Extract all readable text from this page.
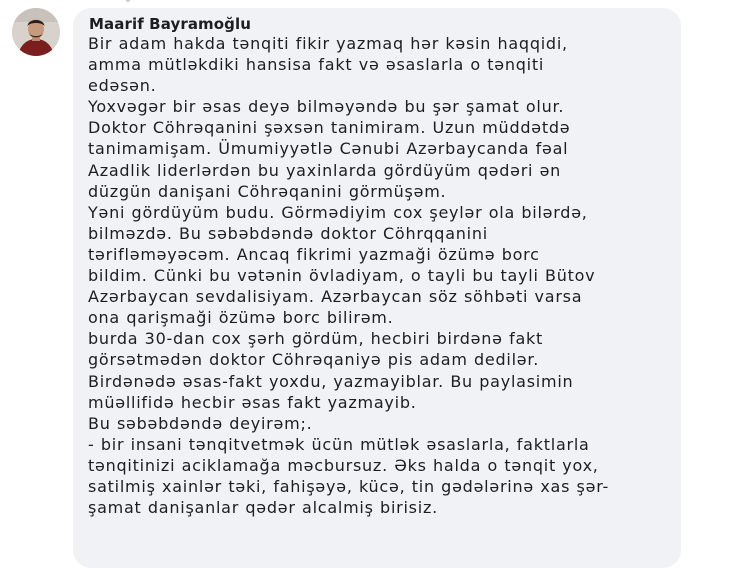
Maarif Bayramoğlu

Bir adam hakda tənqiti fikir yazmaq hər kəsin haqqidi,
amma mütləkdiki hansisa fakt və əsaslarla o tənqiti
edəsən.
Yoxvəgər bir əsas deyə bilməyəndə bu şər şamat olur.
Doktor Cöhrəqanini şəxsən tanimiram. Uzun müddətdə
tanimamişam. Ümumiyyətlə Cənubi Azərbaycanda fəal
Azadlik liderlərdən bu yaxinlarda gördüyüm qədəri ən
düzgün danişani Cöhrəqanini görmüşəm.
Yəni gördüyüm budu. Görmədiyim cox şeylər ola bilərdə,
bilməzdə. Bu səbəbdəndə doktor Cöhrqqanini
tərifləməyəcəm. Ancaq fikrimi yazmaği özümə borc
bildim. Cünki bu vətənin övladiyam, o tayli bu tayli Bütov
Azərbaycan sevdalisiyam. Azərbaycan söz söhbəti varsa
ona qarişmaği özümə borc bilirəm.
burda 30-dan cox şərh gördüm, hecbiri birdənə fakt
görsətmədən doktor Cöhrəqaniyə pis adam dedilər.
Birdənədə əsas-fakt yoxdu, yazmayiblar. Bu paylasimin
müəllifidə hecbir əsas fakt yazmayib.
Bu səbəbdəndə deyirəm;.
- bir insani tənqitvetmək ücün mütlək əsaslarla, faktlarla
tənqitinizi aciklamağa məcbursuz. Əks halda o tənqit yox,
satilmiş xainlər təki, fahişəyə, kücə, tin gədələrinə xas şər-
şamat danişanlar qədər alcalmiş birisiz.
